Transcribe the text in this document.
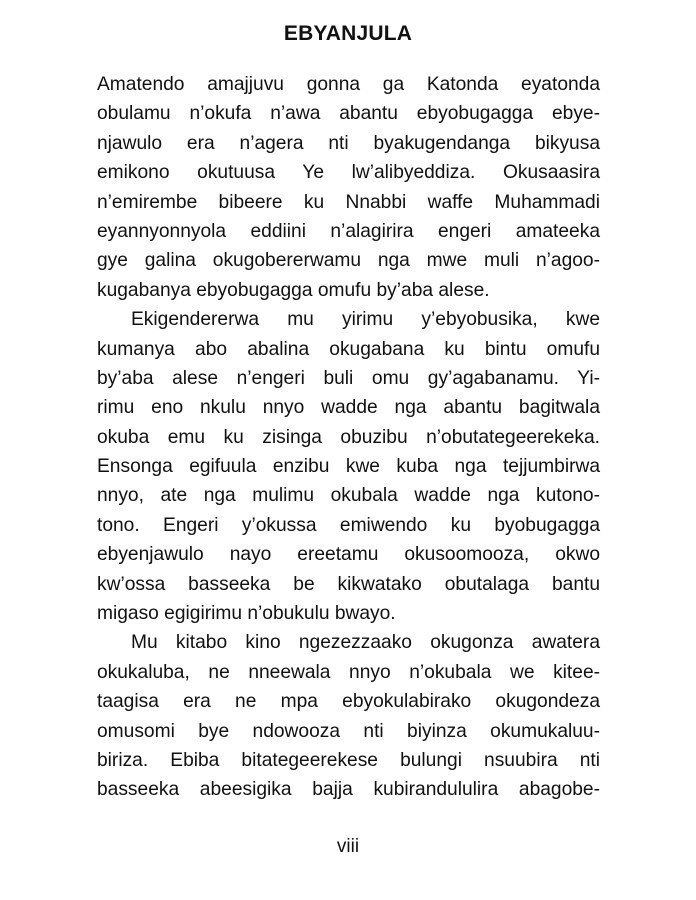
EBYANJULA
Amatendo amajjuvu gonna ga Katonda eyatonda
obulamu n’okufa n’awa abantu ebyobugagga ebye-
njawulo era n’agera nti byakugendanga bikyusa
emikono okutuusa Ye lw’alibyeddiza. Okusaasira
n’emirembe bibeere ku Nnabbi waffe Muhammadi
eyannyonnyola eddiini n’alagirira engeri amateeka
gye galina okugobererwamu nga mwe muli n’agoo-
kugabanya ebyobugagga omufu by’aba alese.
Ekigendererwa mu yirimu y’ebyobusika, kwe
kumanya abo abalina okugabana ku bintu omufu
by’aba alese n’engeri buli omu gy’agabanamu. Yi-
rimu eno nkulu nnyo wadde nga abantu bagitwala
okuba emu ku zisinga obuzibu n’obutategeerekeka.
Ensonga egifuula enzibu kwe kuba nga tejjumbirwa
nnyo, ate nga mulimu okubala wadde nga kutono-
tono. Engeri y’okussa emiwendo ku byobugagga
ebyenjawulo nayo ereetamu okusoomooza, okwo
kw’ossa basseeka be kikwatako obutalaga bantu
migaso egigirimu n’obukulu bwayo.
Mu kitabo kino ngezezzaako okugonza awatera
okukaluba, ne nneewala nnyo n’okubala we kitee-
taagisa era ne mpa ebyokulabirako okugondeza
omusomi bye ndowooza nti biyinza okumukaluu-
biriza. Ebiba bitategeerekese bulungi nsuubira nti
basseeka abeesigika bajja kubirandululira abagobe-
viii
